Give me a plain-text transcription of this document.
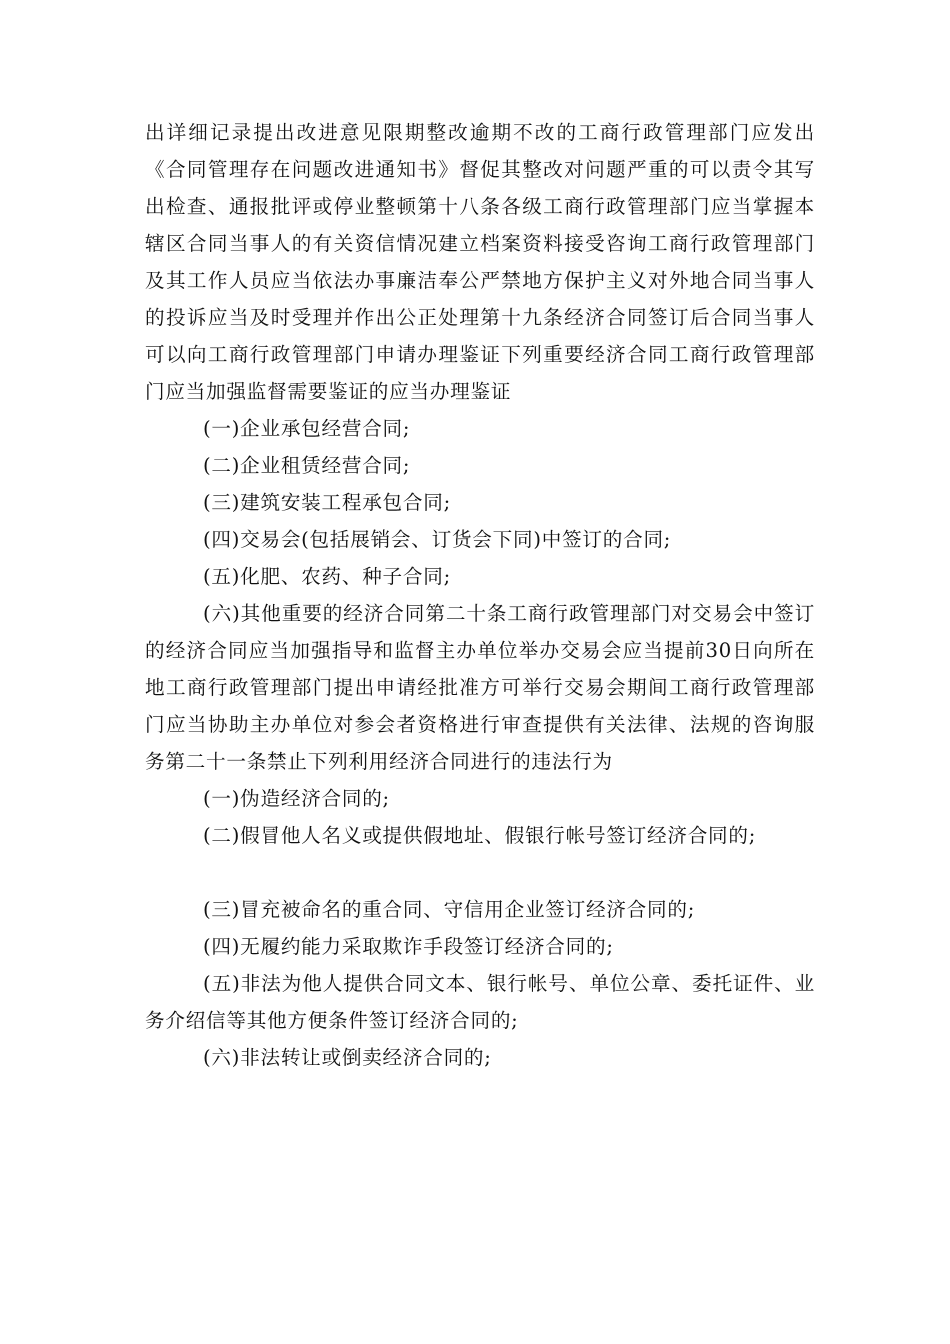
出详细记录提出改进意见限期整改逾期不改的工商行政管理部门应发出《合同管理存在问题改进通知书》督促其整改对问题严重的可以责令其写出检查、通报批评或停业整顿第十八条各级工商行政管理部门应当掌握本辖区合同当事人的有关资信情况建立档案资料接受咨询工商行政管理部门及其工作人员应当依法办事廉洁奉公严禁地方保护主义对外地合同当事人的投诉应当及时受理并作出公正处理第十九条经济合同签订后合同当事人可以向工商行政管理部门申请办理鉴证下列重要经济合同工商行政管理部门应当加强监督需要鉴证的应当办理鉴证

(一)企业承包经营合同;

(二)企业租赁经营合同;

(三)建筑安装工程承包合同;

(四)交易会(包括展销会、订货会下同)中签订的合同;

(五)化肥、农药、种子合同;

(六)其他重要的经济合同第二十条工商行政管理部门对交易会中签订的经济合同应当加强指导和监督主办单位举办交易会应当提前30日向所在地工商行政管理部门提出申请经批准方可举行交易会期间工商行政管理部门应当协助主办单位对参会者资格进行审查提供有关法律、法规的咨询服务第二十一条禁止下列利用经济合同进行的违法行为

(一)伪造经济合同的;

(二)假冒他人名义或提供假地址、假银行帐号签订经济合同的;

(三)冒充被命名的重合同、守信用企业签订经济合同的;

(四)无履约能力采取欺诈手段签订经济合同的;

(五)非法为他人提供合同文本、银行帐号、单位公章、委托证件、业务介绍信等其他方便条件签订经济合同的;

(六)非法转让或倒卖经济合同的;
